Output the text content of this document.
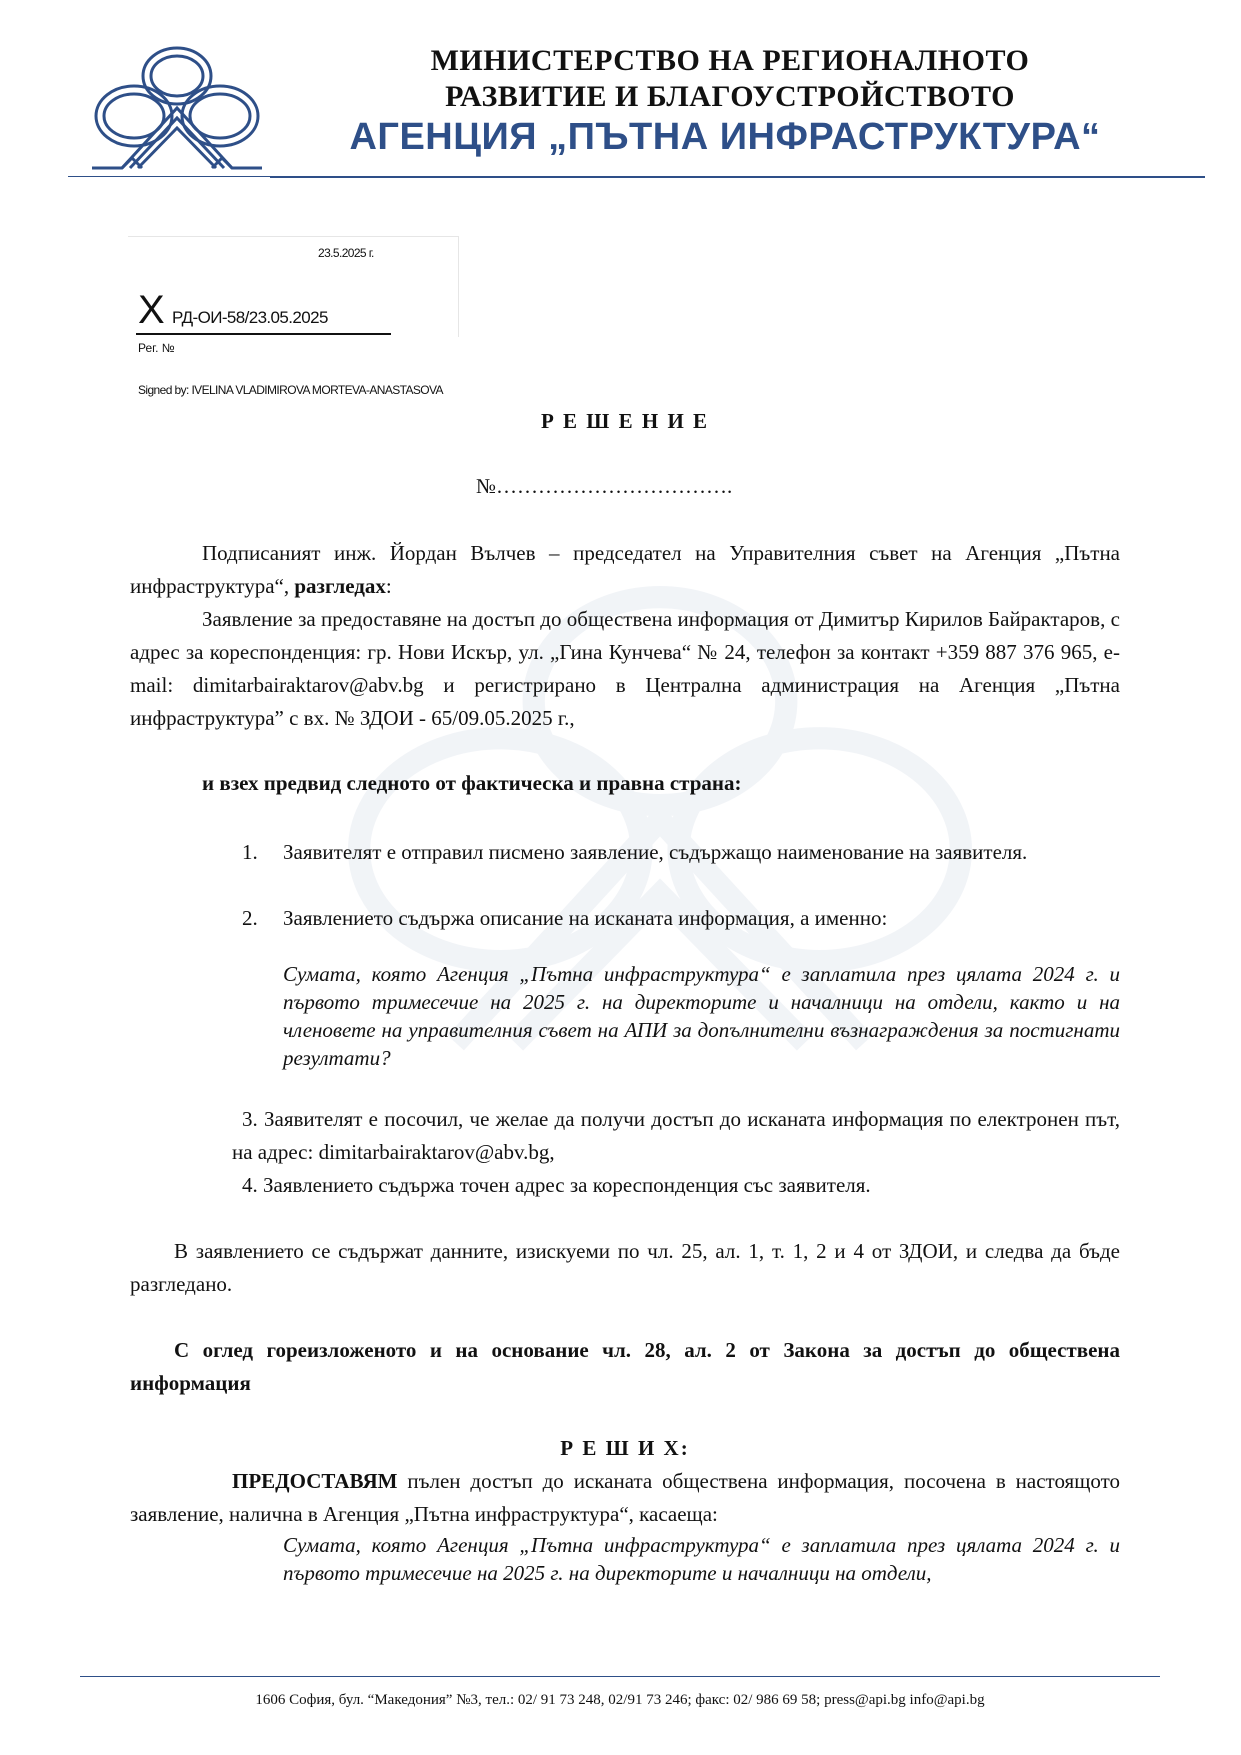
МИНИСТЕРСТВО НА РЕГИОНАЛНОТО
РАЗВИТИЕ И БЛАГОУСТРОЙСТВОТО
АГЕНЦИЯ „ПЪТНА ИНФРАСТРУКТУРА“
23.5.2025 г.
X РД-ОИ-58/23.05.2025
Рег. №
Signed by: IVELINA VLADIMIROVA MORTEVA-ANASTASOVA
Р Е Ш Е Н И Е
№…………………………….
Подписаният инж. Йордан Вълчев – председател на Управителния съвет на Агенция „Пътна инфраструктура“, разгледах:
Заявление за предоставяне на достъп до обществена информация от Димитър Кирилов Байрактаров, с адрес за кореспонденция: гр. Нови Искър, ул. „Гина Кунчева“ № 24, телефон за контакт +359 887 376 965, e-mail: dimitarbairaktarov@abv.bg и регистрирано в Централна администрация на Агенция „Пътна инфраструктура” с вх. № ЗДОИ - 65/09.05.2025 г.,
и взех предвид следното от фактическа и правна страна:
1.	Заявителят е отправил писмено заявление, съдържащо наименование на заявителя.
2.	Заявлението съдържа описание на исканата информация, а именно:
Сумата, която Агенция „Пътна инфраструктура“ е заплатила през цялата 2024 г. и първото тримесечие на 2025 г. на директорите и началници на отдели, както и на членовете на управителния съвет на АПИ за допълнителни възнаграждения за постигнати резултати?
3. Заявителят е посочил, че желае да получи достъп до исканата информация по електронен път, на адрес: dimitarbairaktarov@abv.bg,
4. Заявлението съдържа точен адрес за кореспонденция със заявителя.
В заявлението се съдържат данните, изискуеми по чл. 25, ал. 1, т. 1, 2 и 4 от ЗДОИ, и следва да бъде разгледано.
С оглед гореизложеното и на основание чл. 28, ал. 2 от Закона за достъп до обществена информация
Р Е Ш И Х:
ПРЕДОСТАВЯМ пълен достъп до исканата обществена информация, посочена в настоящото заявление, налична в Агенция „Пътна инфраструктура“, касаеща:
Сумата, която Агенция „Пътна инфраструктура“ е заплатила през цялата 2024 г. и първото тримесечие на 2025 г. на директорите и началници на отдели,
1606 София, бул. “Македония” №3, тел.: 02/ 91 73 248, 02/91 73 246; факс: 02/ 986 69 58; press@api.bg info@api.bg
